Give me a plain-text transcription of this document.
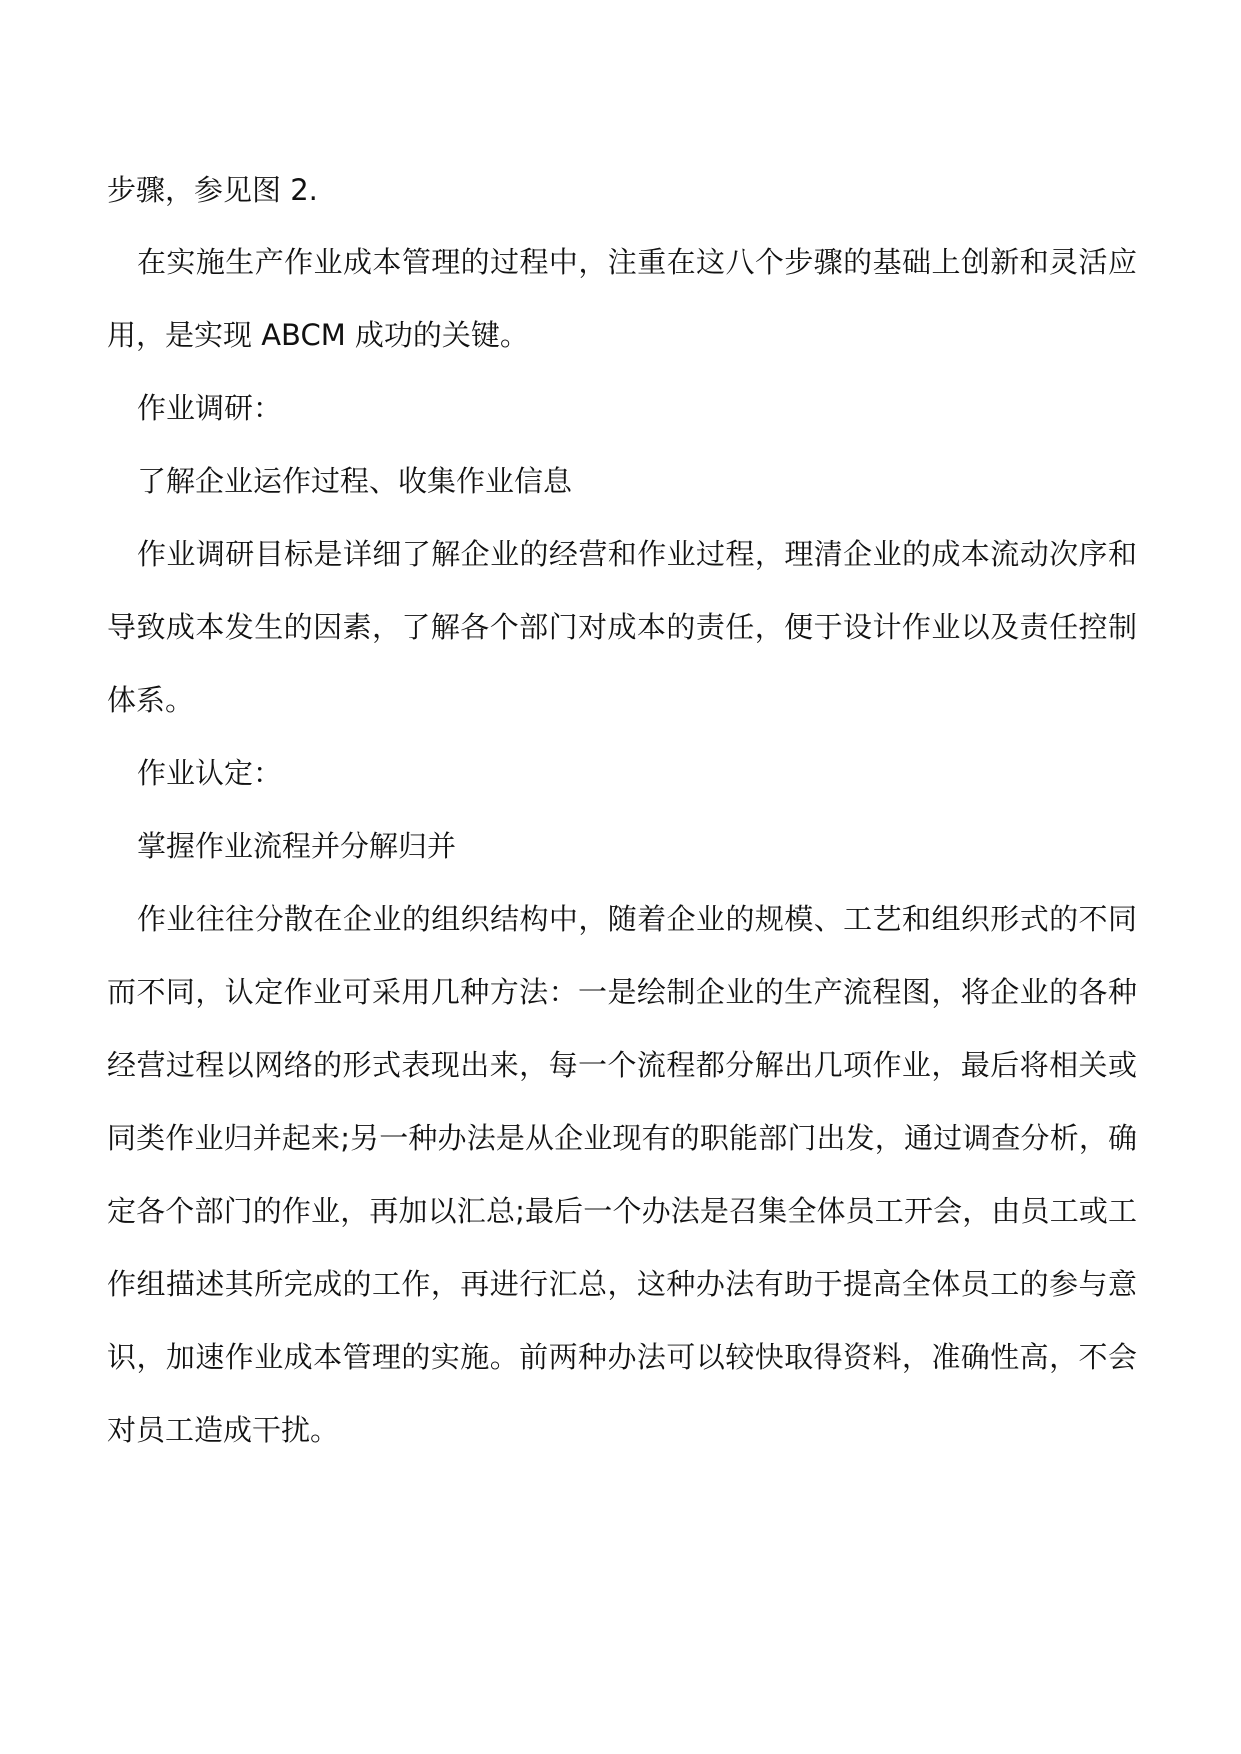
步骤，参见图 2.
在实施生产作业成本管理的过程中，注重在这八个步骤的基础上创新和灵活应
用，是实现 ABCM 成功的关键。
作业调研：
了解企业运作过程、收集作业信息
作业调研目标是详细了解企业的经营和作业过程，理清企业的成本流动次序和
导致成本发生的因素，了解各个部门对成本的责任，便于设计作业以及责任控制
体系。
作业认定：
掌握作业流程并分解归并
作业往往分散在企业的组织结构中，随着企业的规模、工艺和组织形式的不同
而不同，认定作业可采用几种方法：一是绘制企业的生产流程图，将企业的各种
经营过程以网络的形式表现出来，每一个流程都分解出几项作业，最后将相关或
同类作业归并起来;另一种办法是从企业现有的职能部门出发，通过调查分析，确
定各个部门的作业，再加以汇总;最后一个办法是召集全体员工开会，由员工或工
作组描述其所完成的工作，再进行汇总，这种办法有助于提高全体员工的参与意
识，加速作业成本管理的实施。前两种办法可以较快取得资料，准确性高，不会
对员工造成干扰。
